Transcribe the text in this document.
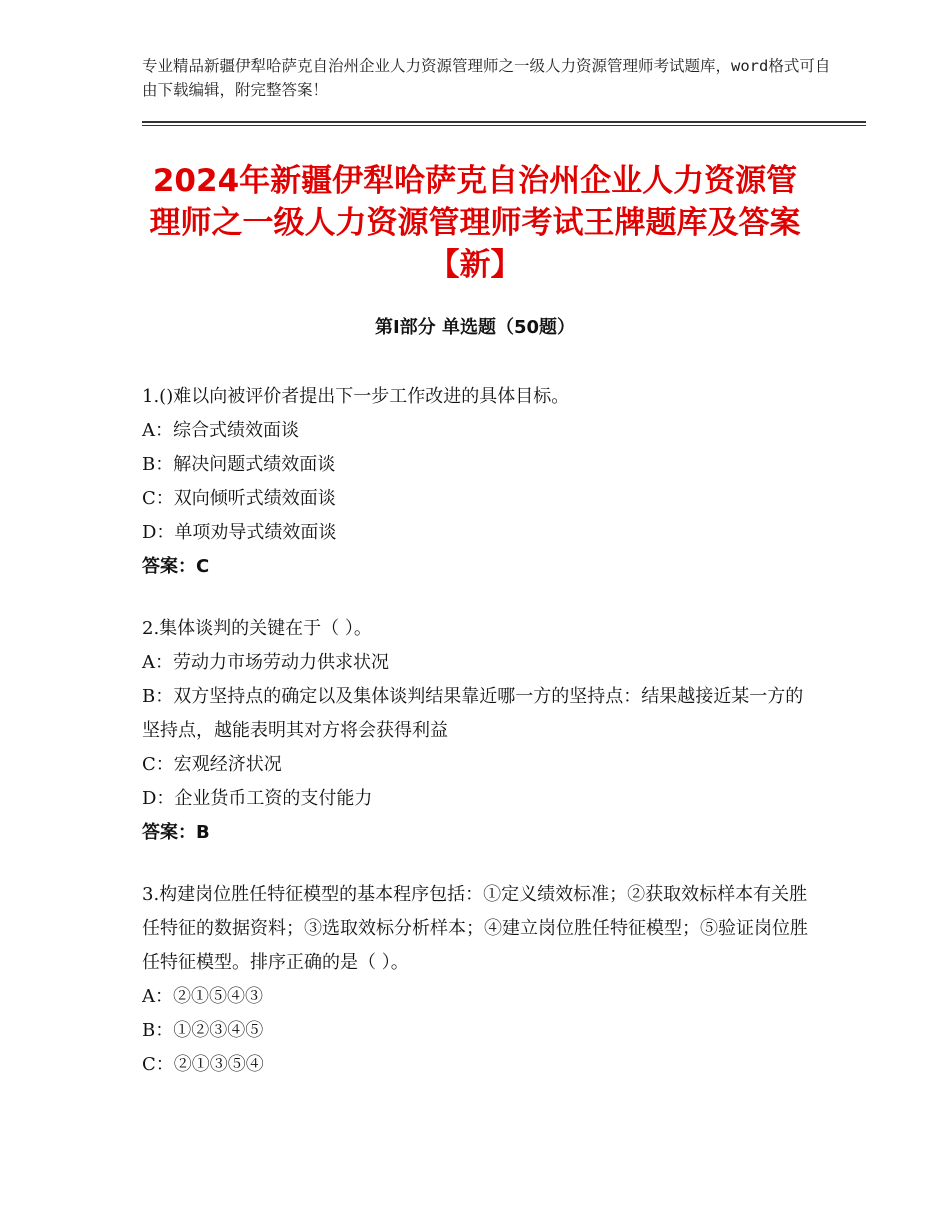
专业精品新疆伊犁哈萨克自治州企业人力资源管理师之一级人力资源管理师考试题库，word格式可自由下载编辑，附完整答案！
2024年新疆伊犁哈萨克自治州企业人力资源管理师之一级人力资源管理师考试王牌题库及答案【新】
第Ⅰ部分 单选题（50题）
1.()难以向被评价者提出下一步工作改进的具体目标。
A：综合式绩效面谈
B：解决问题式绩效面谈
C：双向倾听式绩效面谈
D：单项劝导式绩效面谈
答案：C
2.集体谈判的关键在于（ ）。
A：劳动力市场劳动力供求状况
B：双方坚持点的确定以及集体谈判结果靠近哪一方的坚持点：结果越接近某一方的坚持点，越能表明其对方将会获得利益
C：宏观经济状况
D：企业货币工资的支付能力
答案：B
3.构建岗位胜任特征模型的基本程序包括：①定义绩效标准；②获取效标样本有关胜任特征的数据资料；③选取效标分析样本；④建立岗位胜任特征模型；⑤验证岗位胜任特征模型。排序正确的是（ ）。
A：②①⑤④③
B：①②③④⑤
C：②①③⑤④
